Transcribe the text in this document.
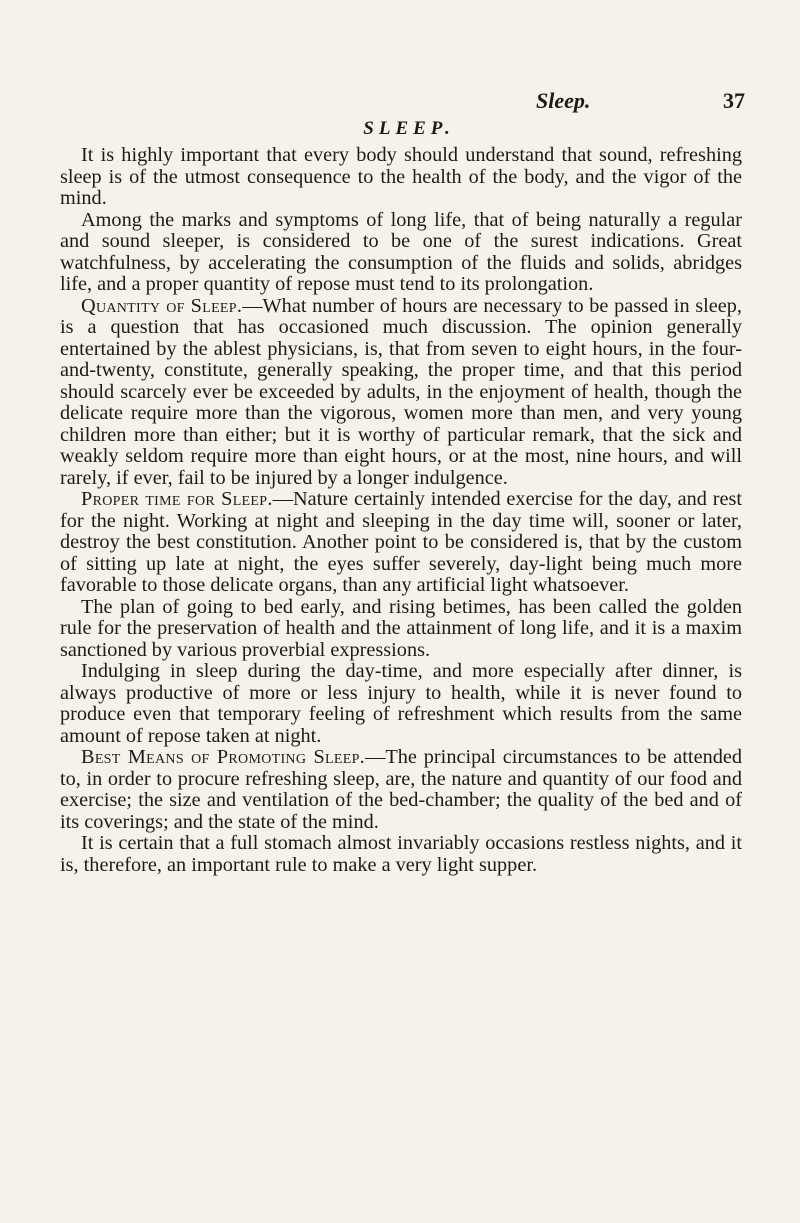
Sleep.	37
SLEEP.

It is highly important that every body should understand that sound, refreshing sleep is of the utmost consequence to the health of the body, and the vigor of the mind.

Among the marks and symptoms of long life, that of being naturally a regular and sound sleeper, is considered to be one of the surest indications. Great watchfulness, by accelerating the consumption of the fluids and solids, abridges life, and a proper quantity of repose must tend to its prolongation.

Quantity of Sleep.—What number of hours are necessary to be passed in sleep, is a question that has occasioned much discussion. The opinion generally entertained by the ablest physicians, is, that from seven to eight hours, in the four-and-twenty, constitute, generally speaking, the proper time, and that this period should scarcely ever be exceeded by adults, in the enjoyment of health, though the delicate require more than the vigorous, women more than men, and very young children more than either; but it is worthy of particular remark, that the sick and weakly seldom require more than eight hours, or at the most, nine hours, and will rarely, if ever, fail to be injured by a longer indulgence.

Proper time for Sleep.—Nature certainly intended exercise for the day, and rest for the night. Working at night and sleeping in the day time will, sooner or later, destroy the best constitution. Another point to be considered is, that by the custom of sitting up late at night, the eyes suffer severely, day-light being much more favorable to those delicate organs, than any artificial light whatsoever.

The plan of going to bed early, and rising betimes, has been called the golden rule for the preservation of health and the attainment of long life, and it is a maxim sanctioned by various proverbial expressions.

Indulging in sleep during the day-time, and more especially after dinner, is always productive of more or less injury to health, while it is never found to produce even that temporary feeling of refreshment which results from the same amount of repose taken at night.

Best Means of Promoting Sleep.—The principal circumstances to be attended to, in order to procure refreshing sleep, are, the nature and quantity of our food and exercise; the size and ventilation of the bed-chamber; the quality of the bed and of its coverings; and the state of the mind.

It is certain that a full stomach almost invariably occasions restless nights, and it is, therefore, an important rule to make a very light supper.
